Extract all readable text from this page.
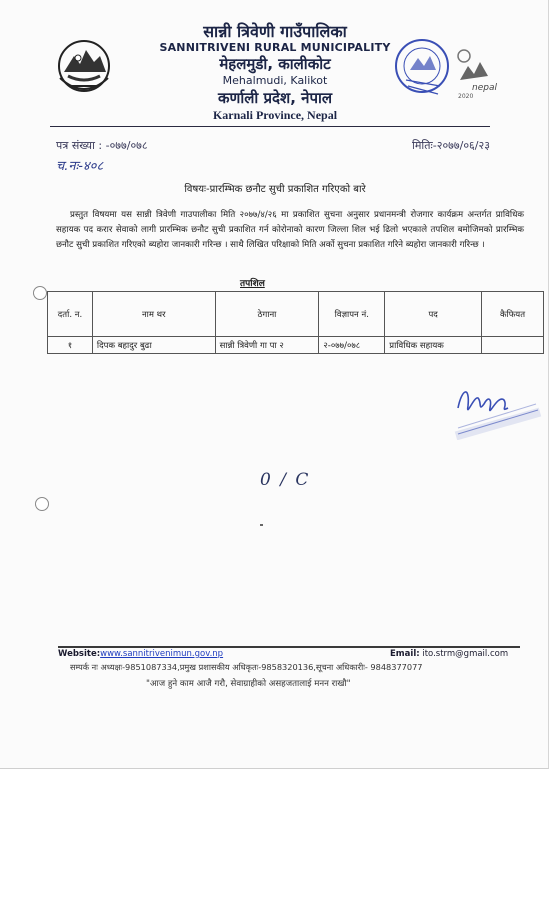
सान्नी त्रिवेणी गाउँपालिका
SANNITRIVENI RURAL MUNICIPALITY
मेहलमुडी, कालीकोट
Mehalmudi, Kalikot
कर्णाली प्रदेश, नेपाल
Karnali Province, Nepal
nepal
2020
पत्र संख्या : -०७७/०७८
च.नः-४०८
मितिः-२०७७/०६/२३
विषयः-प्रारम्भिक छनौट सुची प्रकाशित गरिएको बारे
प्रस्तुत विषयमा यस सान्नी त्रिवेणी गाउपालीका मिति २०७७/४/२६ मा प्रकाशित सुचना अनुसार प्रधानमन्त्री रोजगार कार्यक्रम अन्तर्गत प्राविधिक सहायक पद करार सेवाको लागी प्रारम्भिक छनौट सुची प्रकाशित गर्न कोरोनाको कारण जिल्ला शिल भई ढिलो भएकाले तपशिल बमोजिमको प्रारम्भिक छनौट सुची प्रकाशित गरिएको ब्यहोरा जानकारी गरिन्छ । साथै लिखित परिक्षाको मिति अर्को सुचना प्रकाशित गरिने ब्यहोरा जानकारी गरिन्छ ।
तपशिल
दर्ता. न.	नाम थर	ठेगाना	विज्ञापन नं.	पद	कैफियत
१	दिपक बहादुर बुढा	सान्नी त्रिवेणी गा पा २	२-०७७/०७८	प्राविधिक सहायक	
0 / C
Website:www.sannitrivenimun.gov.np	Email: ito.strm@gmail.com
सम्पर्क नः अध्यक्षः-9851087334,प्रमुख प्रशासकीय अधिकृतः-9858320136,सूचना अधिकारीः- 9848377077
"आज हुने काम आजै गरौ, सेवाग्राहीको असहजतालाई मनन राखौ"
